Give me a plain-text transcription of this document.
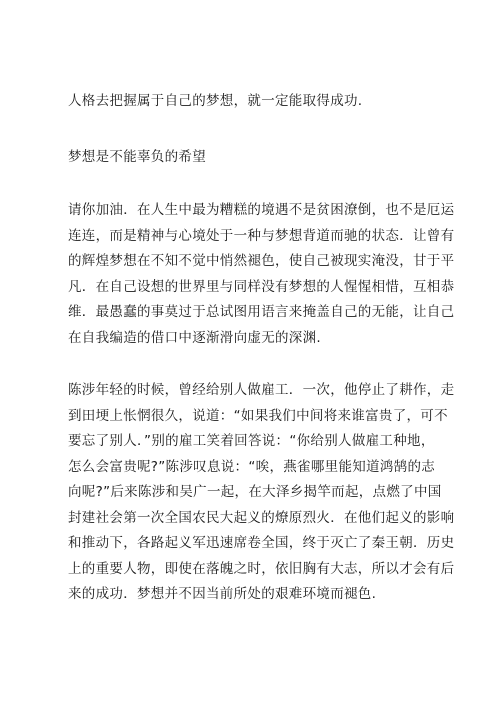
人格去把握属于自己的梦想，就一定能取得成功.
梦想是不能辜负的希望
请你加油．在人生中最为糟糕的境遇不是贫困潦倒，也不是厄运
连连，而是精神与心境处于一种与梦想背道而驰的状态．让曾有
的辉煌梦想在不知不觉中悄然褪色，使自己被现实淹没，甘于平
凡．在自己设想的世界里与同样没有梦想的人惺惺相惜，互相恭
维．最愚蠢的事莫过于总试图用语言来掩盖自己的无能，让自己
在自我编造的借口中逐渐滑向虚无的深渊.
陈涉年轻的时候，曾经给别人做雇工．一次，他停止了耕作，走
到田埂上怅惘很久，说道：“如果我们中间将来谁富贵了，可不
要忘了别人．”别的雇工笑着回答说：“你给别人做雇工种地，
怎么会富贵呢?”陈涉叹息说：“唉，燕雀哪里能知道鸿鹄的志
向呢?”后来陈涉和吴广一起，在大泽乡揭竿而起，点燃了中国
封建社会第一次全国农民大起义的燎原烈火．在他们起义的影响
和推动下，各路起义军迅速席卷全国，终于灭亡了秦王朝．历史
上的重要人物，即使在落魄之时，依旧胸有大志，所以才会有后
来的成功．梦想并不因当前所处的艰难环境而褪色.
